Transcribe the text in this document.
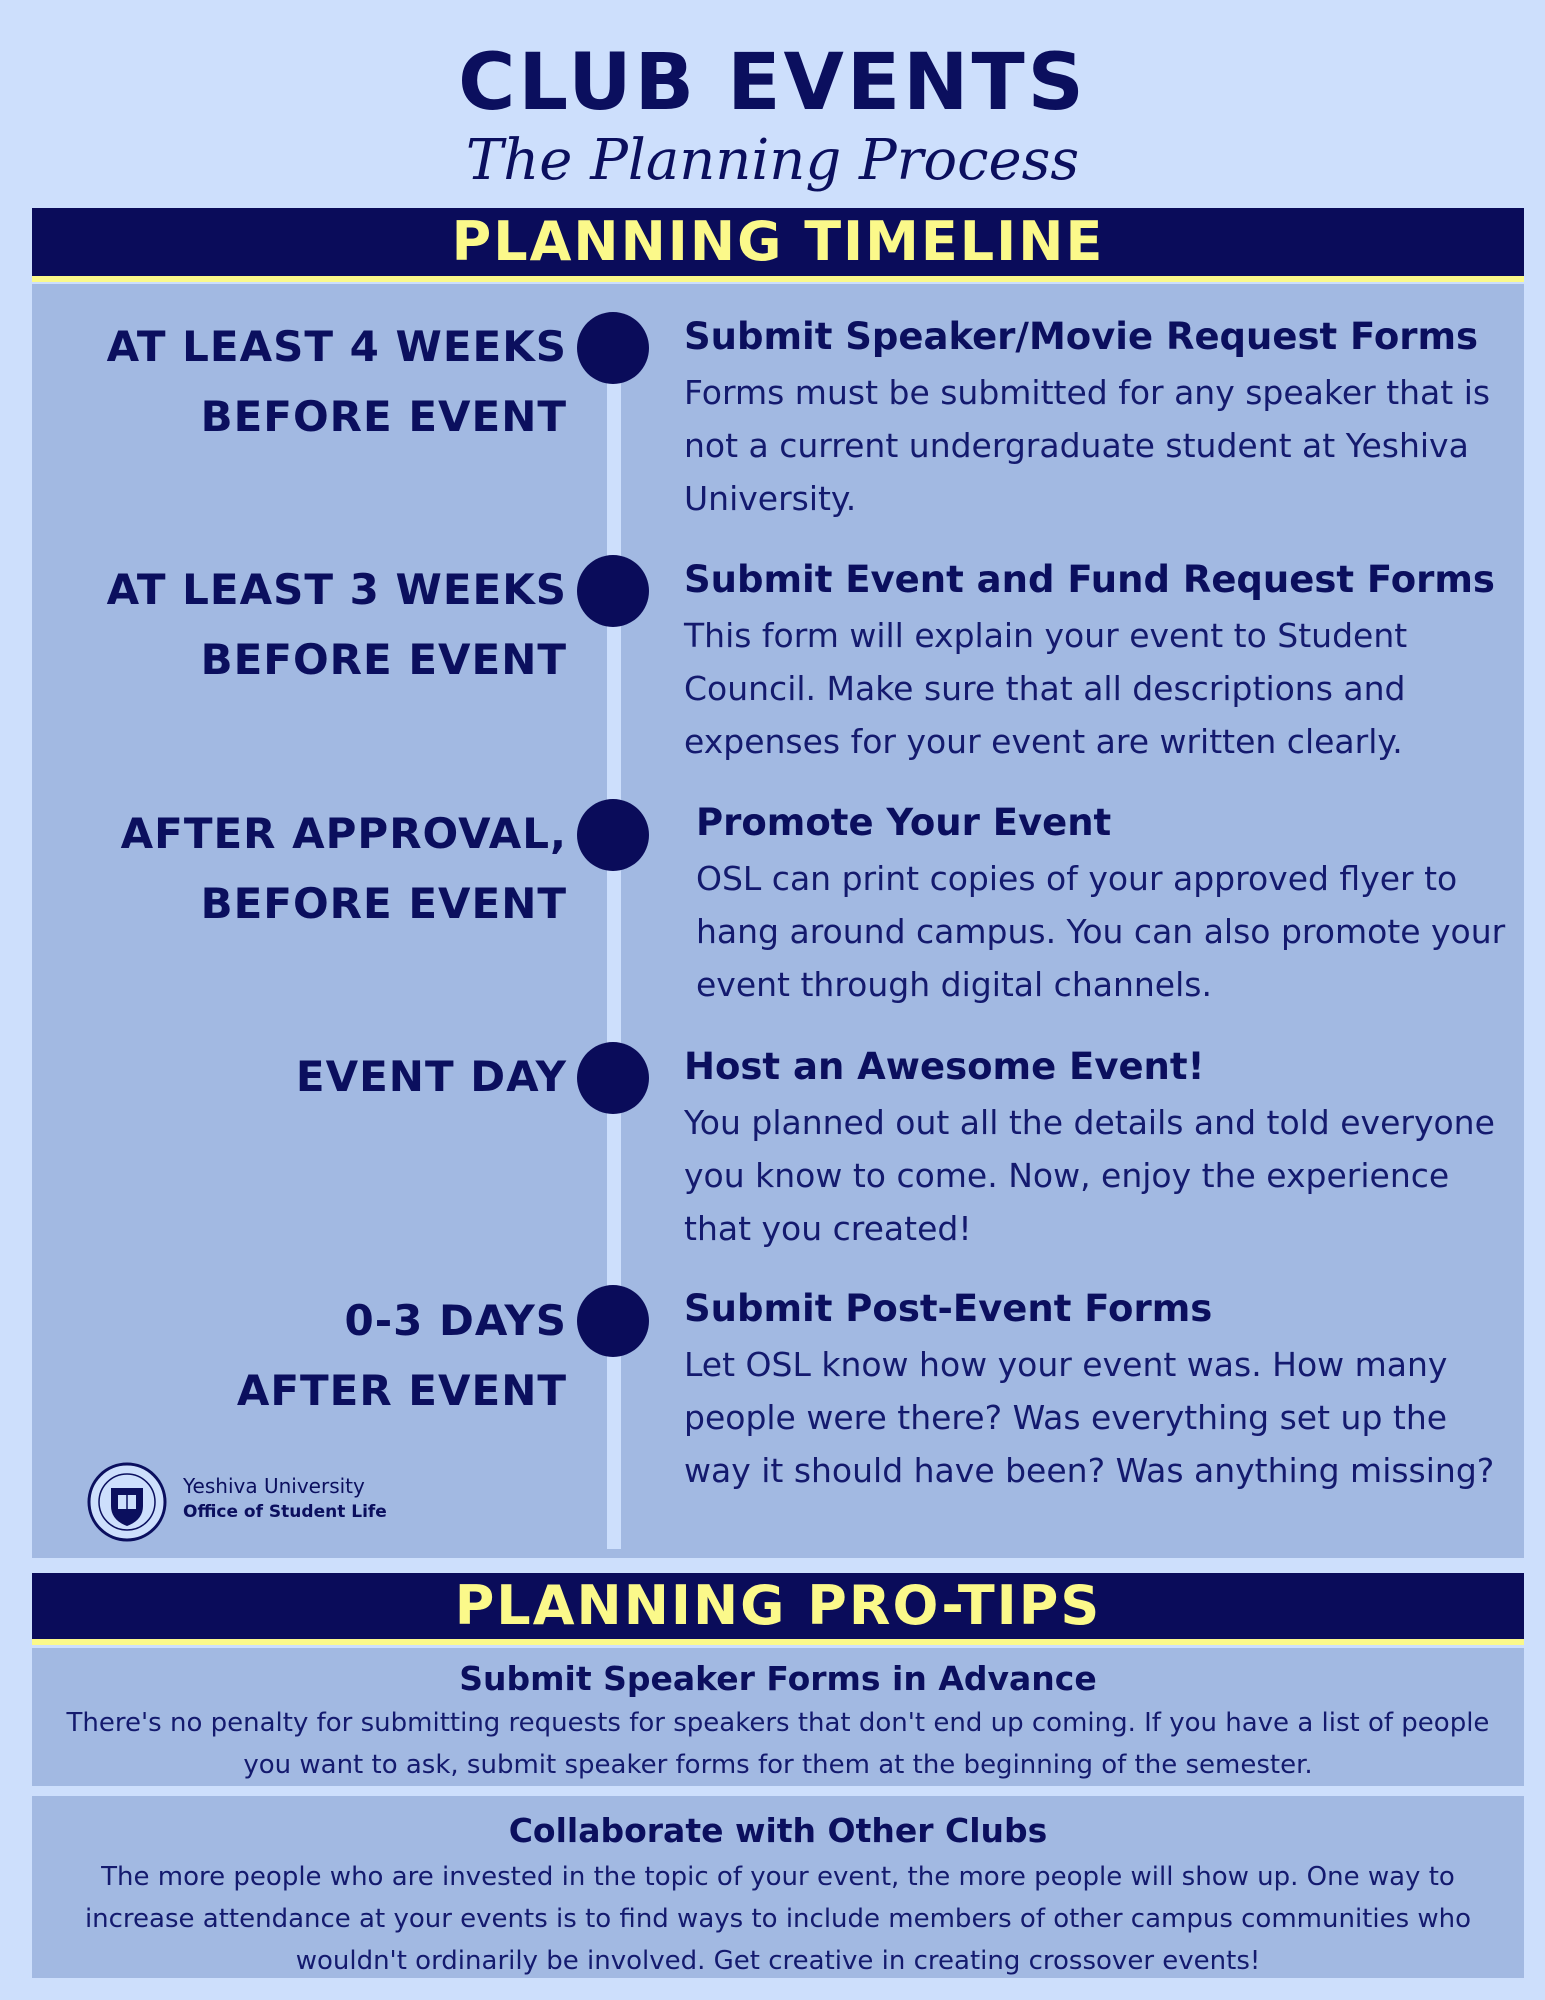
CLUB EVENTS
The Planning Process
PLANNING TIMELINE
AT LEAST 4 WEEKS
BEFORE EVENT
Submit Speaker/Movie Request Forms

Forms must be submitted for any speaker that is not a current undergraduate student at Yeshiva University.

AT LEAST 3 WEEKS
BEFORE EVENT
Submit Event and Fund Request Forms

This form will explain your event to Student Council. Make sure that all descriptions and expenses for your event are written clearly.

AFTER APPROVAL,
BEFORE EVENT
Promote Your Event

OSL can print copies of your approved flyer to hang around campus. You can also promote your event through digital channels.

EVENT DAY	Host an Awesome Event!

You planned out all the details and told everyone you know to come. Now, enjoy the experience that you created!

0-3 DAYS
AFTER EVENT
Submit Post-Event Forms

Let OSL know how your event was. How many people were there? Was everything set up the way it should have been? Was anything missing?

Yeshiva University
Office of Student Life
PLANNING PRO-TIPS
Submit Speaker Forms in Advance

There's no penalty for submitting requests for speakers that don't end up coming. If you have a list of people you want to ask, submit speaker forms for them at the beginning of the semester.

Collaborate with Other Clubs

The more people who are invested in the topic of your event, the more people will show up. One way to increase attendance at your events is to find ways to include members of other campus communities who wouldn't ordinarily be involved. Get creative in creating crossover events!
